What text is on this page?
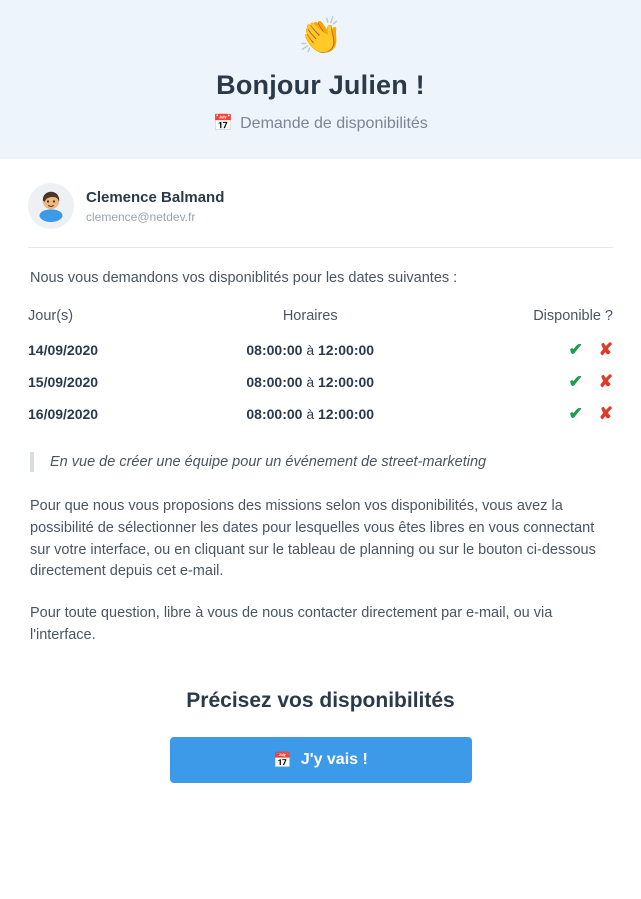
👏
Bonjour Julien !
📅 Demande de disponibilités
Clemence Balmand
clemence@netdev.fr

Nous vous demandons vos disponiblités pour les dates suivantes :

Jour(s)	Horaires	Disponible ?
14/09/2020	08:00:00 à 12:00:00	✔ ✘
15/09/2020	08:00:00 à 12:00:00	✔ ✘
16/09/2020	08:00:00 à 12:00:00	✔ ✘
En vue de créer une équipe pour un événement de street-marketing

Pour que nous vous proposions des missions selon vos disponibilités, vous avez la possibilité de sélectionner les dates pour lesquelles vous êtes libres en vous connectant sur votre interface, ou en cliquant sur le tableau de planning ou sur le bouton ci-dessous directement depuis cet e-mail.

Pour toute question, libre à vous de nous contacter directement par e-mail, ou via l'interface.

Précisez vos disponibilités
📅 J'y vais !
